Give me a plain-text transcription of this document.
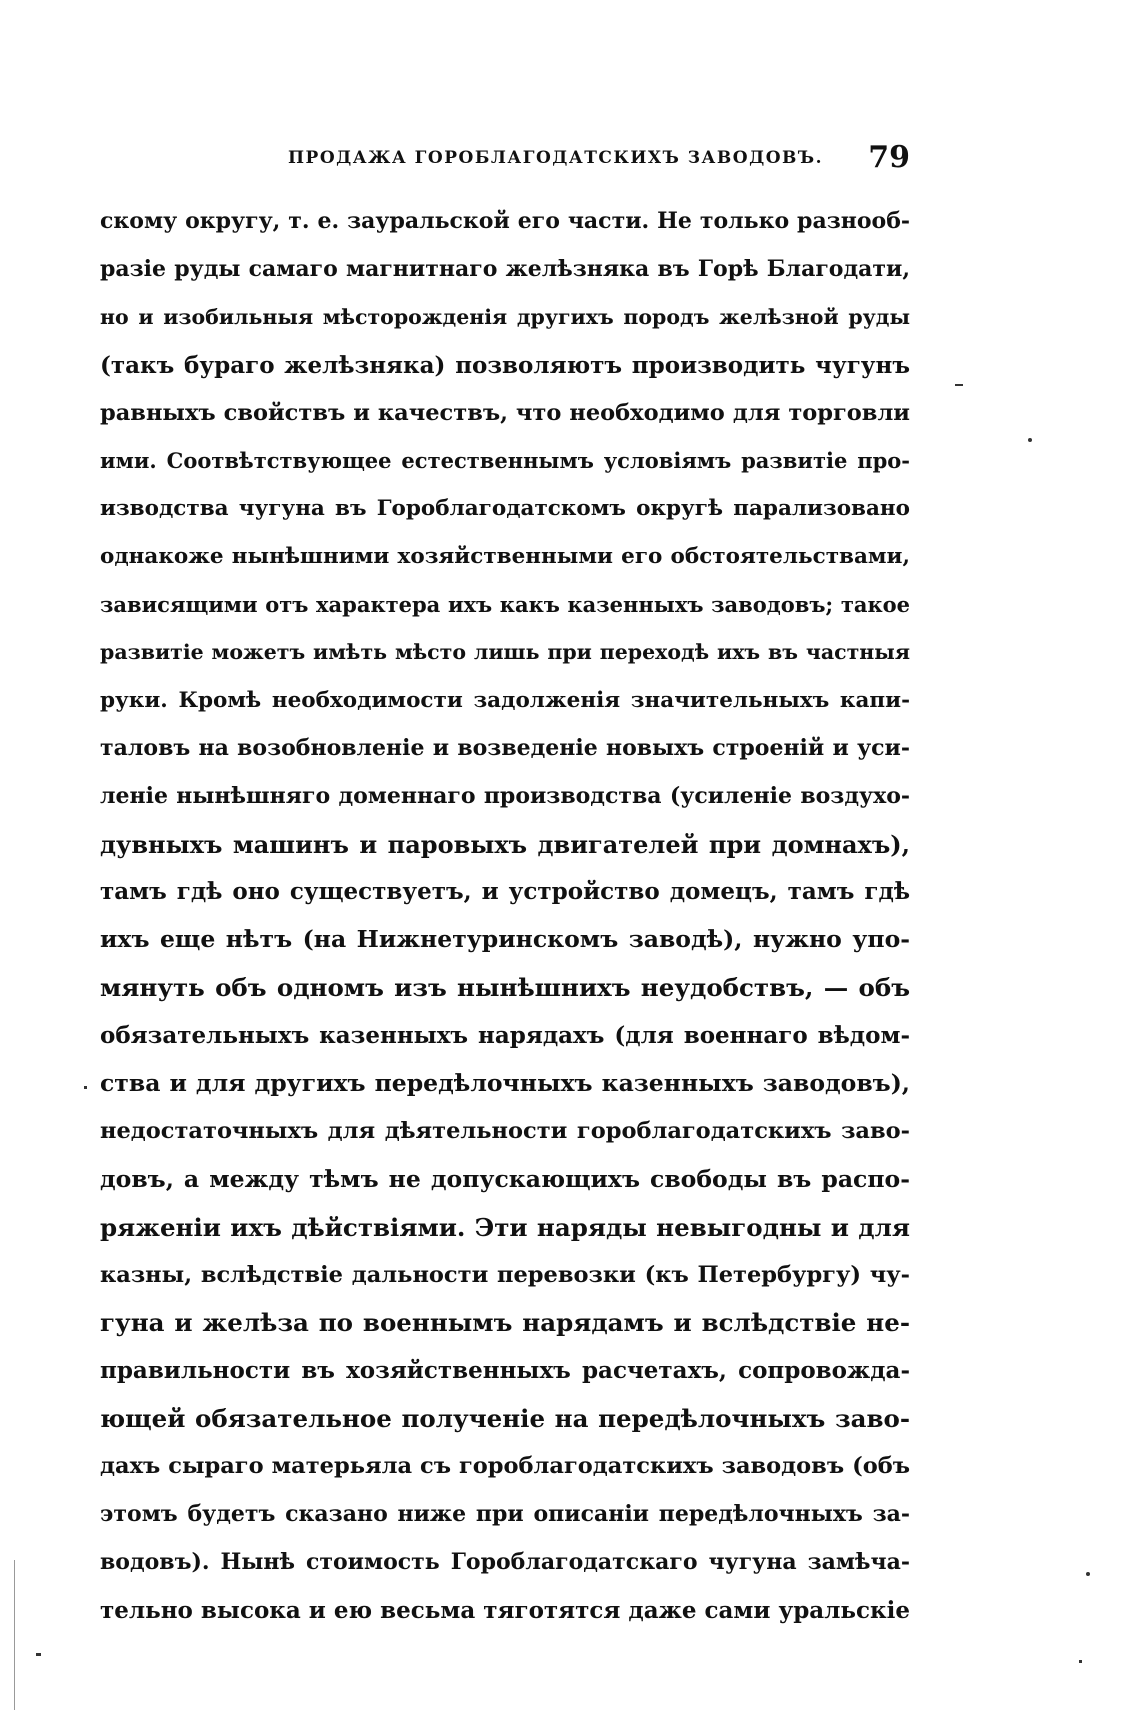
ПРОДАЖА ГОРОБЛАГОДАТСКИХЪ ЗАВОДОВЪ. 79
скому округу, т. е. зауральской его части. Не только разнооб-
разіе руды самаго магнитнаго желѣзняка въ Горѣ Благодати,
но и изобильныя мѣсторожденія другихъ породъ желѣзной руды
(такъ бураго желѣзняка) позволяютъ производить чугунъ
равныхъ свойствъ и качествъ, что необходимо для торговли
ими. Соотвѣтствующее естественнымъ условіямъ развитіе про-
изводства чугуна въ Гороблагодатскомъ округѣ парализовано
однакоже нынѣшними хозяйственными его обстоятельствами,
зависящими отъ характера ихъ какъ казенныхъ заводовъ; такое
развитіе можетъ имѣть мѣсто лишь при переходѣ ихъ въ частныя
руки. Кромѣ необходимости задолженія значительныхъ капи-
таловъ на возобновленіе и возведеніе новыхъ строеній и уси-
леніе нынѣшняго доменнаго производства (усиленіе воздухо-
дувныхъ машинъ и паровыхъ двигателей при домнахъ),
тамъ гдѣ оно существуетъ, и устройство домецъ, тамъ гдѣ
ихъ еще нѣтъ (на Нижнетуринскомъ заводѣ), нужно упо-
мянуть объ одномъ изъ нынѣшнихъ неудобствъ, — объ
обязательныхъ казенныхъ нарядахъ (для военнаго вѣдом-
ства и для другихъ передѣлочныхъ казенныхъ заводовъ),
недостаточныхъ для дѣятельности гороблагодатскихъ заво-
довъ, а между тѣмъ не допускающихъ свободы въ распо-
ряженіи ихъ дѣйствіями. Эти наряды невыгодны и для
казны, вслѣдствіе дальности перевозки (къ Петербургу) чу-
гуна и желѣза по военнымъ нарядамъ и вслѣдствіе не-
правильности въ хозяйственныхъ расчетахъ, сопровожда-
ющей обязательное полученіе на передѣлочныхъ заво-
дахъ сыраго матерьяла съ гороблагодатскихъ заводовъ (объ
этомъ будетъ сказано ниже при описаніи передѣлочныхъ за-
водовъ). Нынѣ стоимость Гороблагодатскаго чугуна замѣча-
тельно высока и ею весьма тяготятся даже сами уральскіе
